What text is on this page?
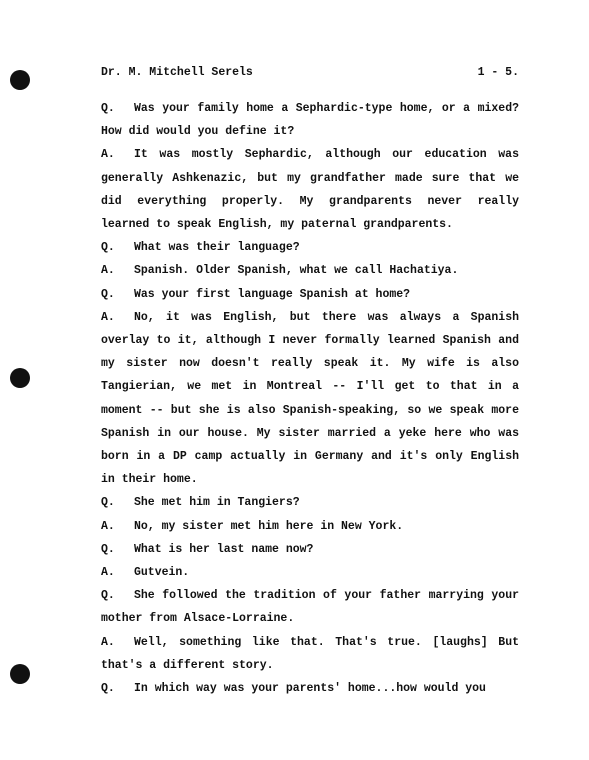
Dr. M. Mitchell Serels	1 - 5.
Q. Was your family home a Sephardic-type home, or a mixed? How did would you define it?
A. It was mostly Sephardic, although our education was generally Ashkenazic, but my grandfather made sure that we did everything properly. My grandparents never really learned to speak English, my paternal grandparents.
Q. What was their language?
A. Spanish. Older Spanish, what we call Hachatiya.
Q. Was your first language Spanish at home?
A. No, it was English, but there was always a Spanish overlay to it, although I never formally learned Spanish and my sister now doesn't really speak it. My wife is also Tangierian, we met in Montreal -- I'll get to that in a moment -- but she is also Spanish-speaking, so we speak more Spanish in our house. My sister married a yeke here who was born in a DP camp actually in Germany and it's only English in their home.
Q. She met him in Tangiers?
A. No, my sister met him here in New York.
Q. What is her last name now?
A. Gutvein.
Q. She followed the tradition of your father marrying your mother from Alsace-Lorraine.
A. Well, something like that. That's true. [laughs] But that's a different story.
Q. In which way was your parents' home...how would you
